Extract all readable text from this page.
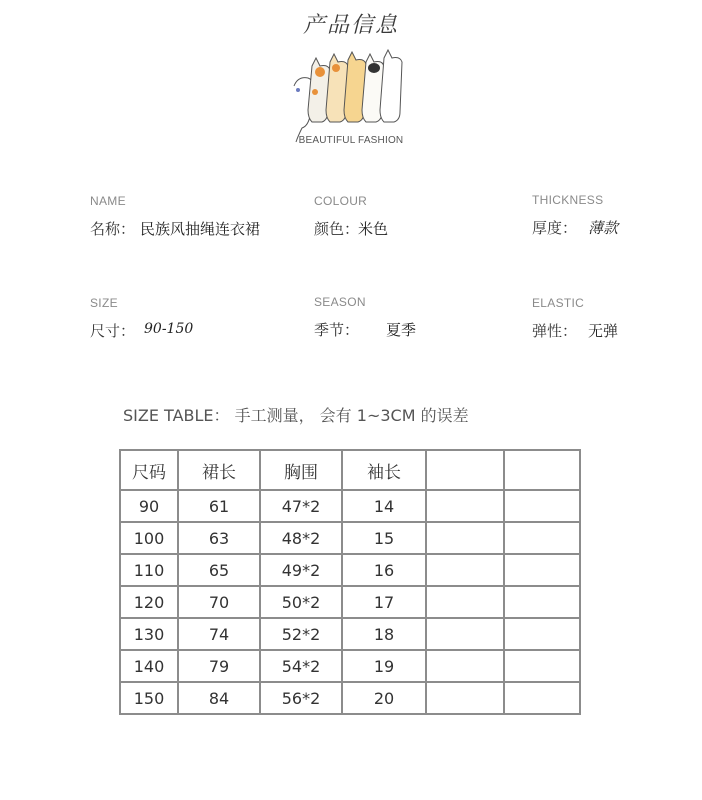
产品信息
BEAUTIFUL FASHION
NAME
名称： 民族风抽绳连衣裙
COLOUR
颜色：
米色
THICKNESS
厚度： 薄款
SIZE
尺寸： 90-150
SEASON
季节： 夏季
ELASTIC
弹性： 无弹
SIZE TABLE： 手工测量， 会有 1~3CM 的误差
尺码	裙长	胸围	袖长		
90	61	47*2	14		
100	63	48*2	15		
110	65	49*2	16		
120	70	50*2	17		
130	74	52*2	18		
140	79	54*2	19		
150	84	56*2	20		
